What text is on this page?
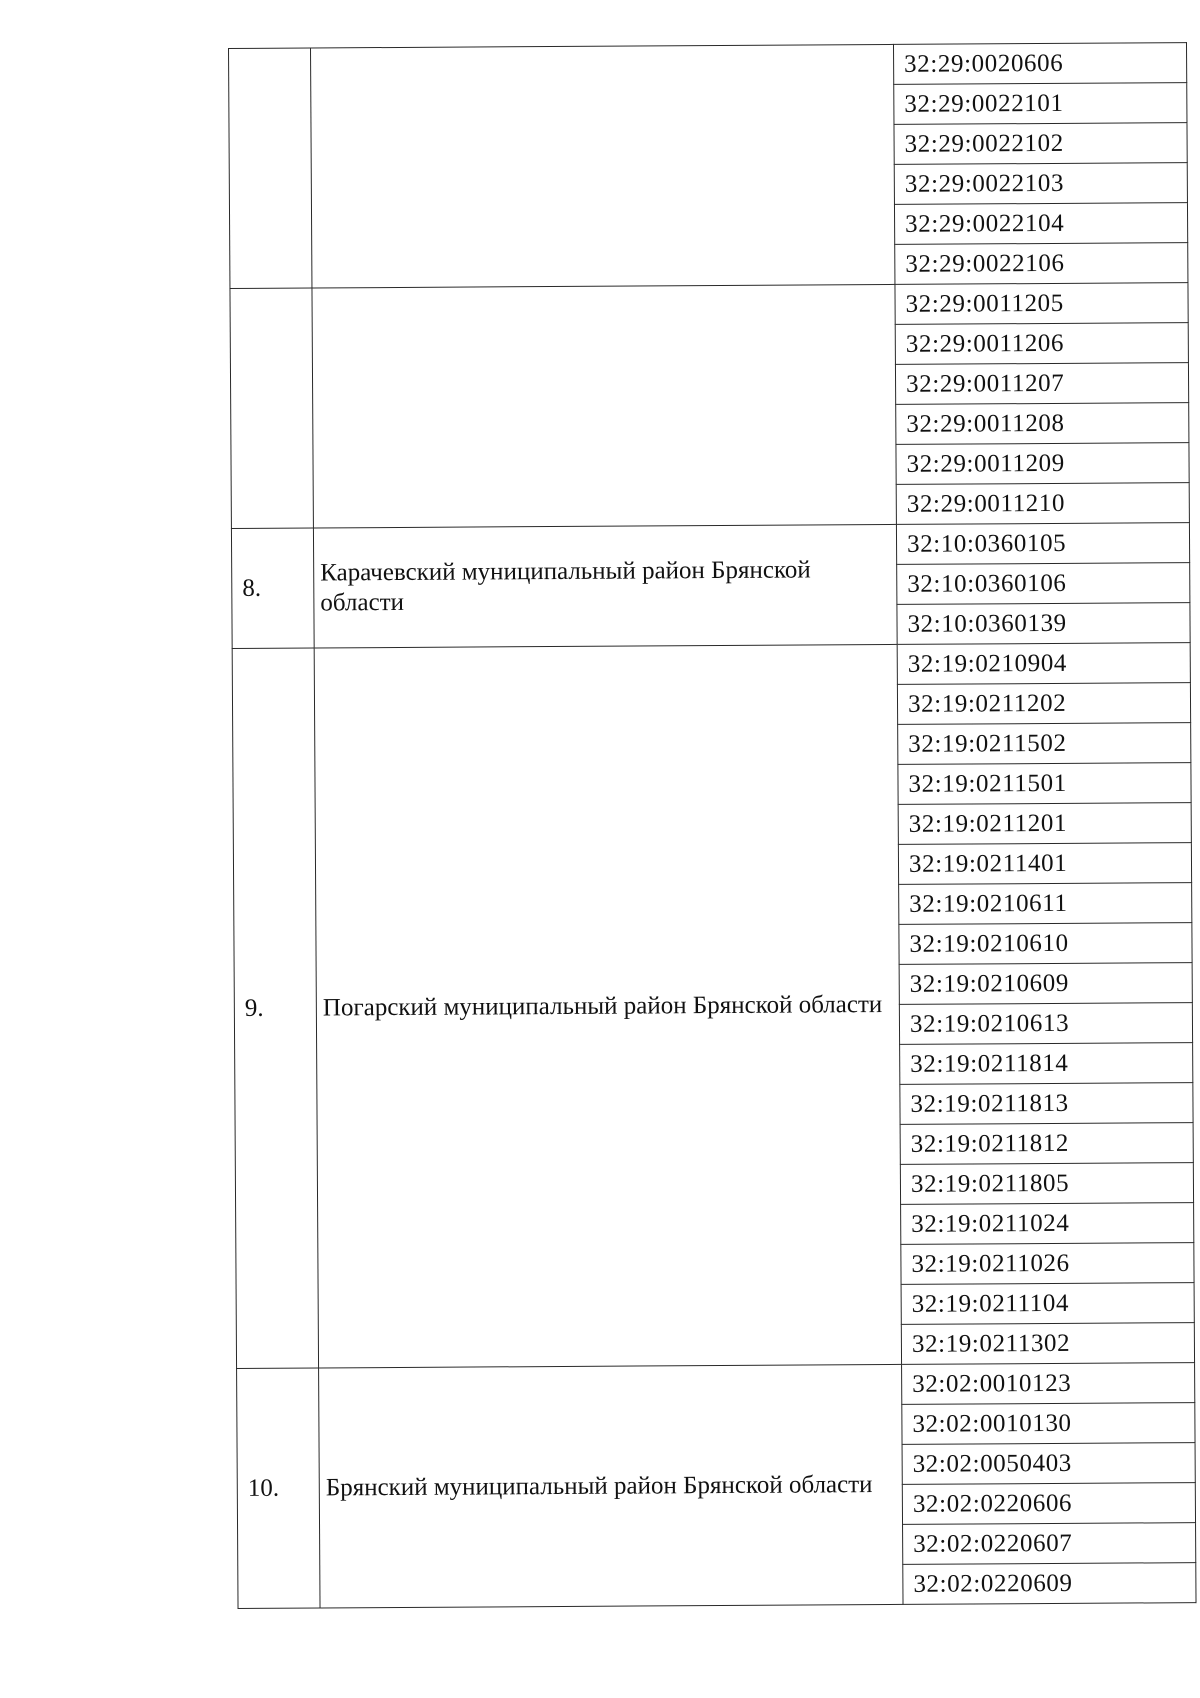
		32:29:0020606
		32:29:0022101
		32:29:0022102
		32:29:0022103
		32:29:0022104
		32:29:0022106
		32:29:0011205
		32:29:0011206
		32:29:0011207
		32:29:0011208
		32:29:0011209
		32:29:0011210
8.	Карачевский муниципальный район Брянской области	32:10:0360105
		32:10:0360106
		32:10:0360139
9.	Погарский муниципальный район Брянской области	32:19:0210904
		32:19:0211202
		32:19:0211502
		32:19:0211501
		32:19:0211201
		32:19:0211401
		32:19:0210611
		32:19:0210610
		32:19:0210609
		32:19:0210613
		32:19:0211814
		32:19:0211813
		32:19:0211812
		32:19:0211805
		32:19:0211024
		32:19:0211026
		32:19:0211104
		32:19:0211302
10.	Брянский муниципальный район Брянской области	32:02:0010123
		32:02:0010130
		32:02:0050403
		32:02:0220606
		32:02:0220607
		32:02:0220609
